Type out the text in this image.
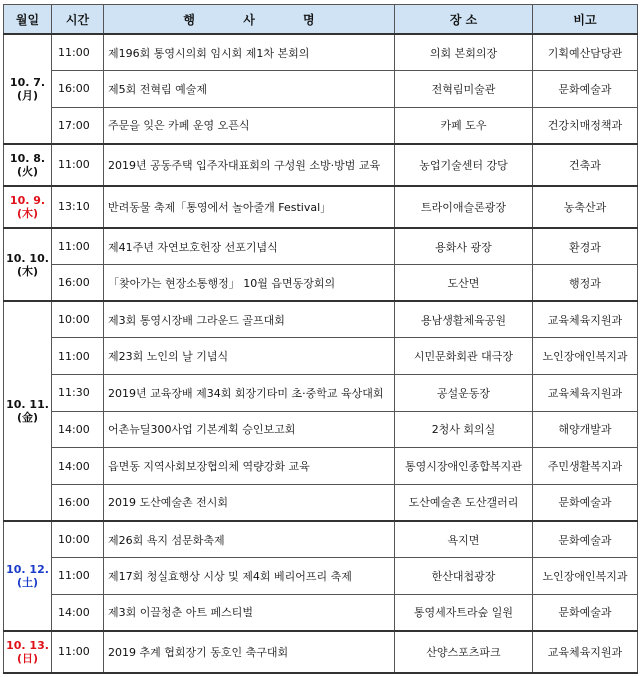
월일	시간	행 사 명	장 소	비고

10. 7.
(月)	11:00	제196회 통영시의회 임시회 제1차 본회의	의회 본회의장	기획예산담당관
	16:00	제5회 전혁림 예술제	전혁림미술관	문화예술과
	17:00	주문을 잊은 카페 운영 오픈식	카페 도우	건강치매정책과

10. 8.
(火)	11:00	2019년 공동주택 입주자대표회의 구성원 소방·방범 교육	농업기술센터 강당	건축과

10. 9.
(木)	13:10	반려동물 축제「통영에서 놀아줄개 Festival」	트라이애슬론광장	농축산과

10. 10.
(木)	11:00	제41주년 자연보호헌장 선포기념식	용화사 광장	환경과
	16:00	「찾아가는 현장소통행정」 10월 읍면동장회의	도산면	행정과

10. 11.
(金)	10:00	제3회 통영시장배 그라운드 골프대회	용남생활체육공원	교육체육지원과
	11:00	제23회 노인의 날 기념식	시민문화회관 대극장	노인장애인복지과
	11:30	2019년 교육장배 제34회 회장기타미 초·중학교 육상대회	공설운동장	교육체육지원과
	14:00	어촌뉴딜300사업 기본계획 승인보고회	2청사 회의실	해양개발과
	14:00	읍면동 지역사회보장협의체 역량강화 교육	통영시장애인종합복지관	주민생활복지과
	16:00	2019 도산예술촌 전시회	도산예술촌 도산갤러리	문화예술과

10. 12.
(土)	10:00	제26회 욕지 섬문화축제	욕지면	문화예술과
	11:00	제17회 청실효행상 시상 및 제4회 베리어프리 축제	한산대첩광장	노인장애인복지과
	14:00	제3회 이끌청춘 아트 페스티벌	통영세자트라숲 일원	문화예술과

10. 13.
(日)	11:00	2019 추계 협회장기 동호인 축구대회	산양스포츠파크	교육체육지원과
